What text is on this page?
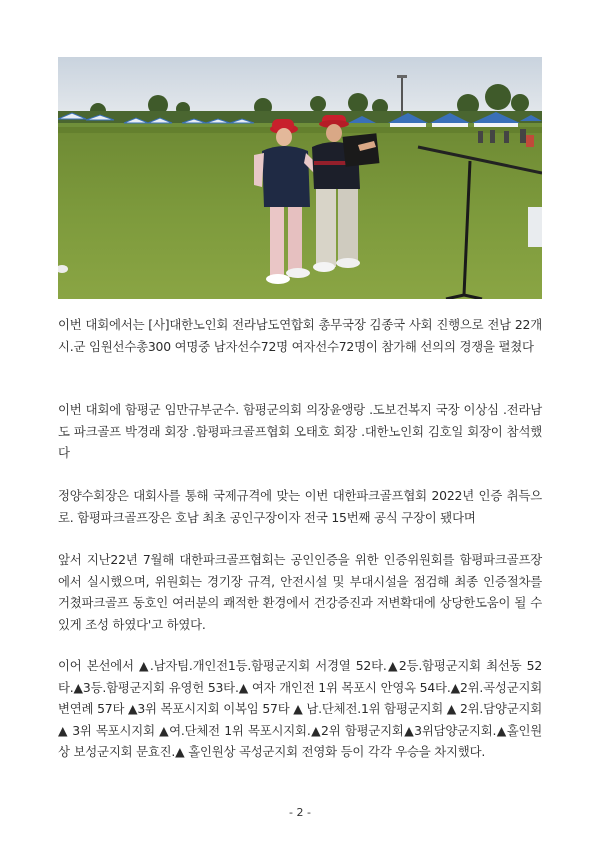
이번 대회에서는 [사]대한노인회 전라남도연합회 총무국장 김종국 사회 진행으로 전남 22개 시.군 임원선수총300 여명중 남자선수72명 여자선수72명이 참가해 선의의 경쟁을 펼쳤다

이번 대회에 함평군 임만규부군수. 함평군의회 의장윤앵랑 .도보건복지 국장 이상심 .전라남도 파크골프 박경래 회장 .함평파크골프협회 오태호 회장 .대한노인회 김호일 회장이 참석했다

정양수회장은 대회사를 통해 국제규격에 맞는 이번 대한파크골프협회 2022년 인증 취득으로. 함평파크골프장은 호남 최초 공인구장이자 전국 15번째 공식 구장이 됐다며

앞서 지난22년 7월해 대한파크골프협회는 공인인증을 위한 인증위원회를 함평파크골프장에서 실시했으며, 위원회는 경기장 규격, 안전시설 및 부대시설을 점검해 최종 인증절차를 거쳤파크골프 동호인 여러분의 쾌적한 환경에서 건강증진과 저변확대에 상당한도움이 될 수있게 조성 하였다'고 하였다.

이어 본선에서 ▲.남자팀.개인전1등.함평군지회 서경열 52타.▲2등.함평군지회 최선동 52타.▲3등.함평군지회 유영헌 53타.▲ 여자 개인전 1위 목포시 안영옥 54타.▲2위.곡성군지회 변연례 57타 ▲3위 목포시지회 이복임 57타 ▲ 남.단체전.1위 함평군지회 ▲ 2위.담양군지회 ▲ 3위 목포시지회 ▲여.단체전 1위 목포시지회.▲2위 함평군지회▲3위담양군지회.▲홀인원상 보성군지회 문효진.▲ 홀인원상 곡성군지회 전영화 등이 각각 우승을 차지했다.

- 2 -
